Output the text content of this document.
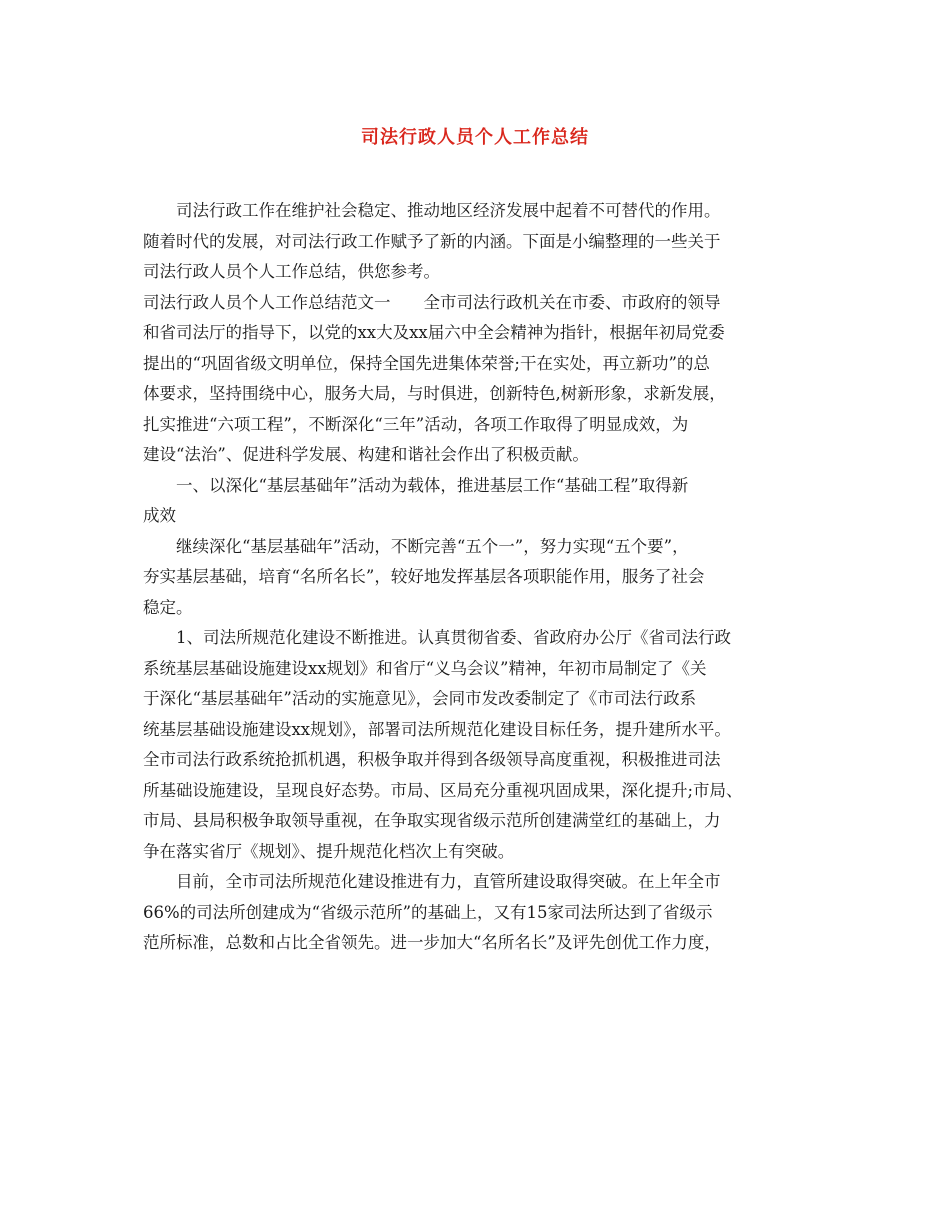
司法行政人员个人工作总结
　　司法行政工作在维护社会稳定、推动地区经济发展中起着不可替代的作用。
随着时代的发展，对司法行政工作赋予了新的内涵。下面是小编整理的一些关于
司法行政人员个人工作总结，供您参考。
司法行政人员个人工作总结范文一　　全市司法行政机关在市委、市政府的领导
和省司法厅的指导下，以党的xx大及xx届六中全会精神为指针，根据年初局党委
提出的“巩固省级文明单位，保持全国先进集体荣誉;干在实处，再立新功”的总
体要求，坚持围绕中心，服务大局，与时俱进，创新特色,树新形象，求新发展，
扎实推进“六项工程”，不断深化“三年”活动，各项工作取得了明显成效，为
建设“法治”、促进科学发展、构建和谐社会作出了积极贡献。
　　一、以深化“基层基础年”活动为载体，推进基层工作“基础工程”取得新
成效
　　继续深化“基层基础年”活动，不断完善“五个一”，努力实现“五个要”，
夯实基层基础，培育“名所名长”，较好地发挥基层各项职能作用，服务了社会
稳定。
　　1、司法所规范化建设不断推进。认真贯彻省委、省政府办公厅《省司法行政
系统基层基础设施建设xx规划》和省厅“义乌会议”精神，年初市局制定了《关
于深化“基层基础年”活动的实施意见》，会同市发改委制定了《市司法行政系
统基层基础设施建设xx规划》，部署司法所规范化建设目标任务，提升建所水平。
全市司法行政系统抢抓机遇，积极争取并得到各级领导高度重视，积极推进司法
所基础设施建设，呈现良好态势。市局、区局充分重视巩固成果，深化提升;市局、
市局、县局积极争取领导重视，在争取实现省级示范所创建满堂红的基础上，力
争在落实省厅《规划》、提升规范化档次上有突破。
　　目前，全市司法所规范化建设推进有力，直管所建设取得突破。在上年全市
66%的司法所创建成为“省级示范所”的基础上，又有15家司法所达到了省级示
范所标准，总数和占比全省领先。进一步加大“名所名长”及评先创优工作力度，
